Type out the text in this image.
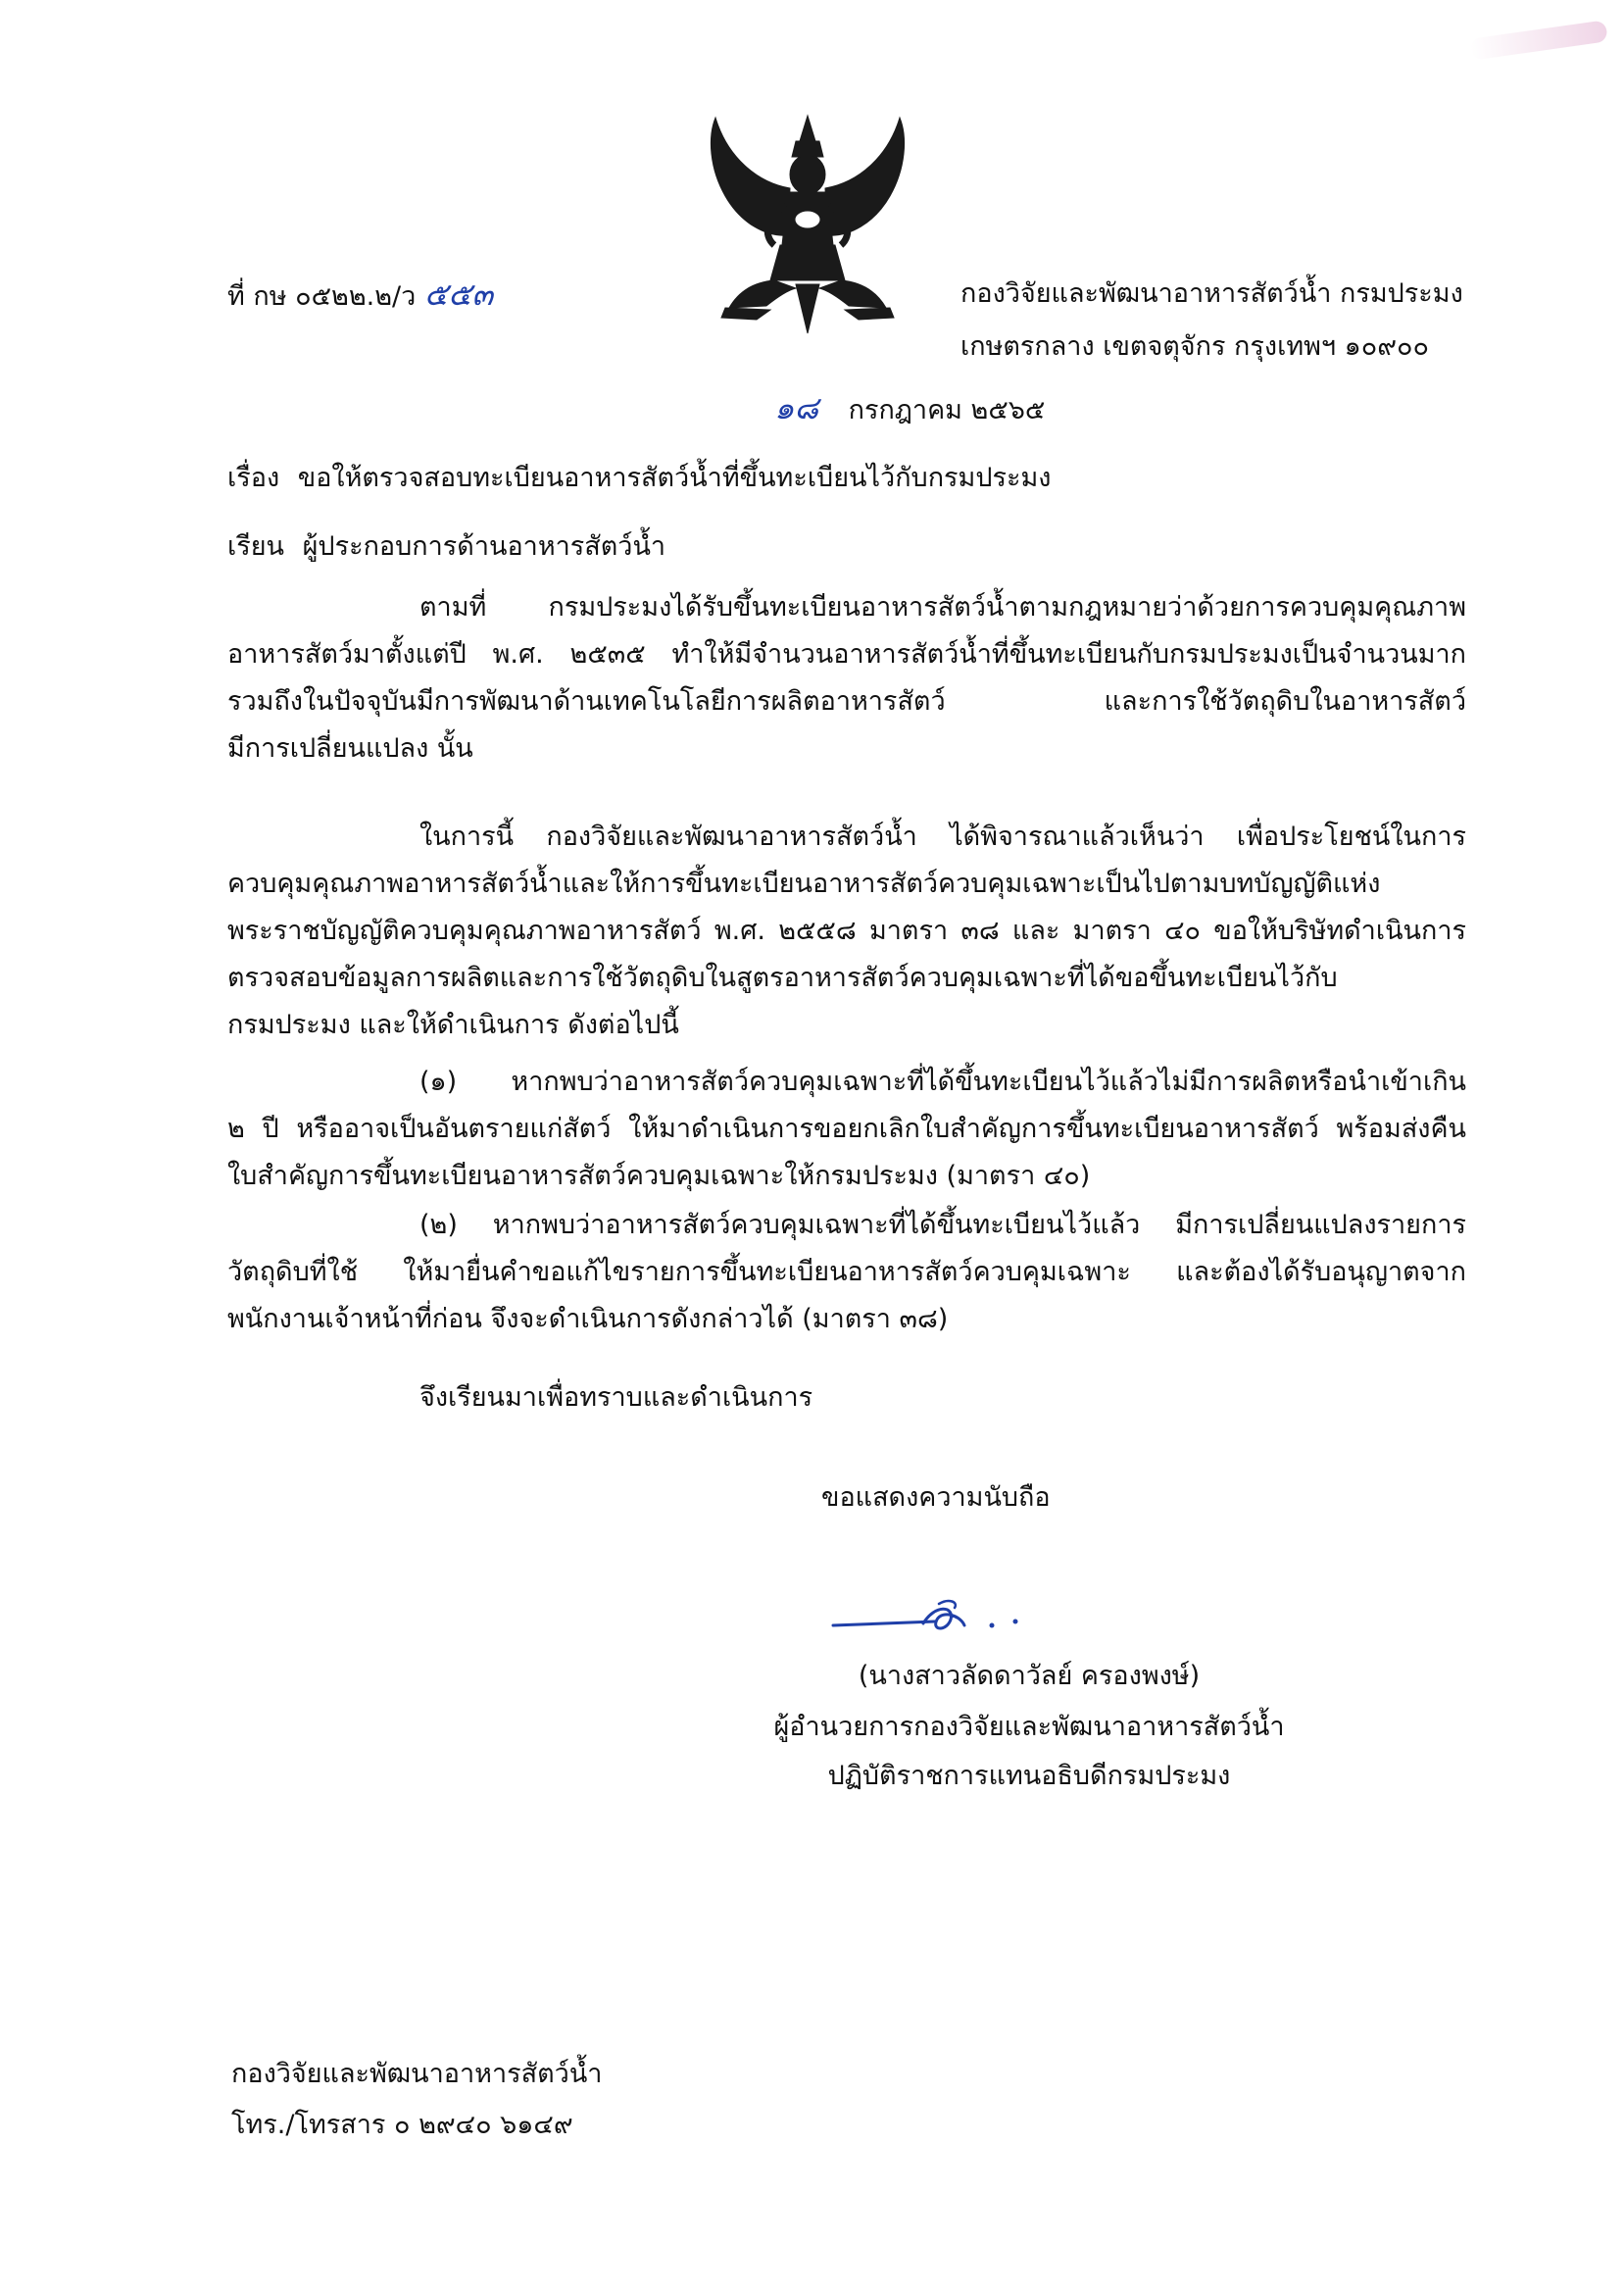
ที่ กษ ๐๕๒๒.๒/ว ๕๕๓	กองวิจัยและพัฒนาอาหารสัตว์น้ำ กรมประมง
เกษตรกลาง เขตจตุจักร กรุงเทพฯ ๑๐๙๐๐
๑๘ กรกฎาคม ๒๕๖๕
เรื่อง ขอให้ตรวจสอบทะเบียนอาหารสัตว์น้ำที่ขึ้นทะเบียนไว้กับกรมประมง
เรียน ผู้ประกอบการด้านอาหารสัตว์น้ำ
ตามที่ กรมประมงได้รับขึ้นทะเบียนอาหารสัตว์น้ำตามกฎหมายว่าด้วยการควบคุมคุณภาพ
อาหารสัตว์มาตั้งแต่ปี พ.ศ. ๒๕๓๕ ทำให้มีจำนวนอาหารสัตว์น้ำที่ขึ้นทะเบียนกับกรมประมงเป็นจำนวนมาก
รวมถึงในปัจจุบันมีการพัฒนาด้านเทคโนโลยีการผลิตอาหารสัตว์ และการใช้วัตถุดิบในอาหารสัตว์
มีการเปลี่ยนแปลง นั้น
ในการนี้ กองวิจัยและพัฒนาอาหารสัตว์น้ำ ได้พิจารณาแล้วเห็นว่า เพื่อประโยชน์ในการ
ควบคุมคุณภาพอาหารสัตว์น้ำและให้การขึ้นทะเบียนอาหารสัตว์ควบคุมเฉพาะเป็นไปตามบทบัญญัติแห่ง
พระราชบัญญัติควบคุมคุณภาพอาหารสัตว์ พ.ศ. ๒๕๕๘ มาตรา ๓๘ และ มาตรา ๔๐ ขอให้บริษัทดำเนินการ
ตรวจสอบข้อมูลการผลิตและการใช้วัตถุดิบในสูตรอาหารสัตว์ควบคุมเฉพาะที่ได้ขอขึ้นทะเบียนไว้กับ
กรมประมง และให้ดำเนินการ ดังต่อไปนี้
(๑) หากพบว่าอาหารสัตว์ควบคุมเฉพาะที่ได้ขึ้นทะเบียนไว้แล้วไม่มีการผลิตหรือนำเข้าเกิน
๒ ปี หรืออาจเป็นอันตรายแก่สัตว์ ให้มาดำเนินการขอยกเลิกใบสำคัญการขึ้นทะเบียนอาหารสัตว์ พร้อมส่งคืน
ใบสำคัญการขึ้นทะเบียนอาหารสัตว์ควบคุมเฉพาะให้กรมประมง (มาตรา ๔๐)
(๒) หากพบว่าอาหารสัตว์ควบคุมเฉพาะที่ได้ขึ้นทะเบียนไว้แล้ว มีการเปลี่ยนแปลงรายการ
วัตถุดิบที่ใช้ ให้มายื่นคำขอแก้ไขรายการขึ้นทะเบียนอาหารสัตว์ควบคุมเฉพาะ และต้องได้รับอนุญาตจาก
พนักงานเจ้าหน้าที่ก่อน จึงจะดำเนินการดังกล่าวได้ (มาตรา ๓๘)
จึงเรียนมาเพื่อทราบและดำเนินการ
ขอแสดงความนับถือ
(นางสาวลัดดาวัลย์ ครองพงษ์)
ผู้อำนวยการกองวิจัยและพัฒนาอาหารสัตว์น้ำ
ปฏิบัติราชการแทนอธิบดีกรมประมง
กองวิจัยและพัฒนาอาหารสัตว์น้ำ
โทร./โทรสาร ๐ ๒๙๔๐ ๖๑๔๙
